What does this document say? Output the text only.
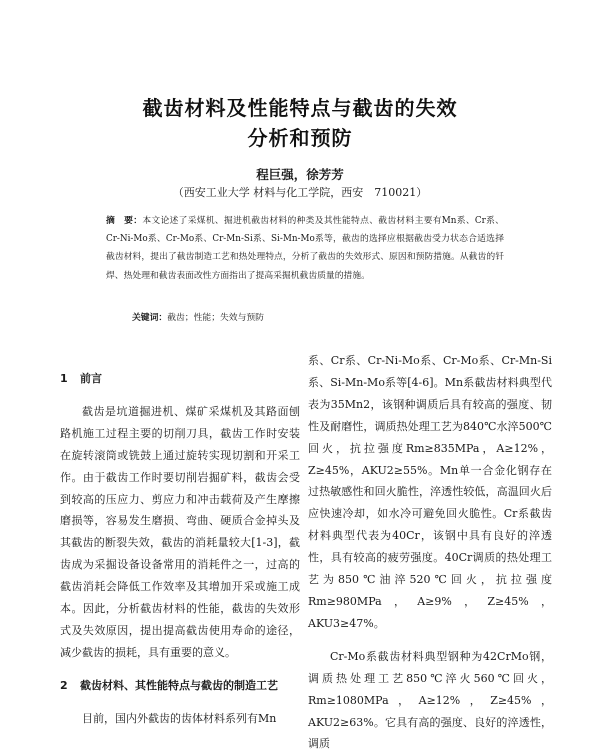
截齿材料及性能特点与截齿的失效
分析和预防
程巨强，徐芳芳
（西安工业大学 材料与化工学院，西安　710021）
摘　要：本文论述了采煤机、掘进机截齿材料的种类及其性能特点、截齿材料主要有Mn系、Cr系、Cr-Ni-Mo系、Cr-Mo系、Cr-Mn-Si系、Si-Mn-Mo系等，截齿的选择应根据截齿受力状态合适选择截齿材料，提出了截齿制造工艺和热处理特点，分析了截齿的失效形式、原因和预防措施。从截齿的钎焊、热处理和截齿表面改性方面指出了提高采掘机截齿质量的措施。
关键词：截齿；性能；失效与预防
1 前言

截齿是坑道掘进机、煤矿采煤机及其路面刨路机施工过程主要的切削刀具，截齿工作时安装在旋转滚筒或铣鼓上通过旋转实现切割和开采工作。由于截齿工作时要切削岩掘矿料，截齿会受到较高的压应力、剪应力和冲击载荷及产生摩擦磨损等，容易发生磨损、弯曲、硬质合金掉头及其截齿的断裂失效，截齿的消耗量较大[1-3]，截齿成为采掘设备设备常用的消耗件之一，过高的截齿消耗会降低工作效率及其增加开采或施工成本。因此，分析截齿材料的性能，截齿的失效形式及失效原因，提出提高截齿使用寿命的途径，减少截齿的损耗，具有重要的意义。

2 截齿材料、其性能特点与截齿的制造工艺

目前，国内外截齿的齿体材料系列有Mn

系、Cr系、Cr-Ni-Mo系、Cr-Mo系、Cr-Mn-Si系、Si-Mn-Mo系等[4-6]。Mn系截齿材料典型代表为35Mn2，该钢种调质后具有较高的强度、韧性及耐磨性，调质热处理工艺为840℃水淬500℃回火，抗拉强度Rm≥835MPa，A≥12%，Z≥45%，AKU2≥55%。Mn单一合金化钢存在过热敏感性和回火脆性，淬透性较低，高温回火后应快速冷却，如水冷可避免回火脆性。Cr系截齿材料典型代表为40Cr，该钢中具有良好的淬透性，具有较高的疲劳强度。40Cr调质的热处理工艺为850℃油淬520℃回火，抗拉强度Rm≥980MPa，A≥9%，Z≥45%，AKU3≥47%。

Cr-Mo系截齿材料典型钢种为42CrMo钢，调质热处理工艺850℃淬火560℃回火，Rm≥1080MPa，A≥12%，Z≥45%，AKU2≥63%。它具有高的强度、良好的淬透性，调质
